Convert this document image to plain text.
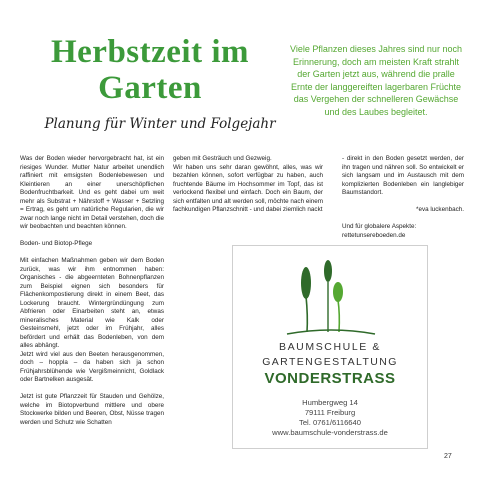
Herbstzeit im Garten
Planung für Winter und Folgejahr

Viele Pflanzen dieses Jahres sind nur noch Erinnerung, doch am meisten Kraft strahlt der Garten jetzt aus, während die pralle Ernte der langgereiften lagerbaren Früchte das Vergehen der schnelleren Gewächse und des Laubes begleitet.

Was der Boden wieder hervorgebracht hat, ist ein riesiges Wunder. Mutter Natur arbeitet unendlich raffiniert mit emsigsten Bodenlebewesen und Kleintieren an einer unerschöpflichen Bodenfruchtbarkeit. Und es geht dabei um weit mehr als Substrat + Nährstoff + Wasser + Setzling = Ertrag, es geht um natürliche Regularien, die wir zwar noch lange nicht im Detail verstehen, doch die wir beobachten und beachten können.

Boden- und Biotop-Pflege

Mit einfachen Maßnahmen geben wir dem Boden zurück, was wir ihm entnommen haben: Organisches - die abgeernteten Bohnenpflanzen zum Beispiel eignen sich besonders für Flächenkompostierung direkt in einem Beet, das Lockerung braucht. Wintergründüngung zum Abfrieren oder Einarbeiten steht an, etwas mineralisches Material wie Kalk oder Gesteinsmehl, jetzt oder im Frühjahr, alles befördert und erhält das Bodenleben, von dem alles abhängt.
Jetzt wird viel aus den Beeten herausgenommen, doch – hoppla – da haben sich ja schon Frühjahrsblühende wie Vergißmeinnicht, Goldlack oder Bartnelken ausgesät.

Jetzt ist gute Pflanzzeit für Stauden und Gehölze, welche im Biotopverbund mittlere und obere Stockwerke bilden und Beeren, Obst, Nüsse tragen werden und Schutz wie Schatten

geben mit Gesträuch und Gezweig.
Wir haben uns sehr daran gewöhnt, alles, was wir bezahlen können, sofort verfügbar zu haben, auch fruchtende Bäume im Hochsommer im Topf, das ist verlockend flexibel und einfach. Doch ein Baum, der sich entfalten und alt werden soll, möchte nach einem fachkundigen Pflanzschnitt - und dabei ziemlich nackt

- direkt in den Boden gesetzt werden, der ihn tragen und nähren soll. So entwickelt er sich langsam und im Austausch mit dem komplizierten Bodenleben ein langlebiger Baumstandort.

*eva luckenbach.

Und für globalere Aspekte:
rettetunsereboeden.de

BAUMSCHULE &
GARTENGESTALTUNG
VONDERSTRASS
Humbergweg 14
79111 Freiburg
Tel. 0761/6116640
www.baumschule-vonderstrass.de
27
